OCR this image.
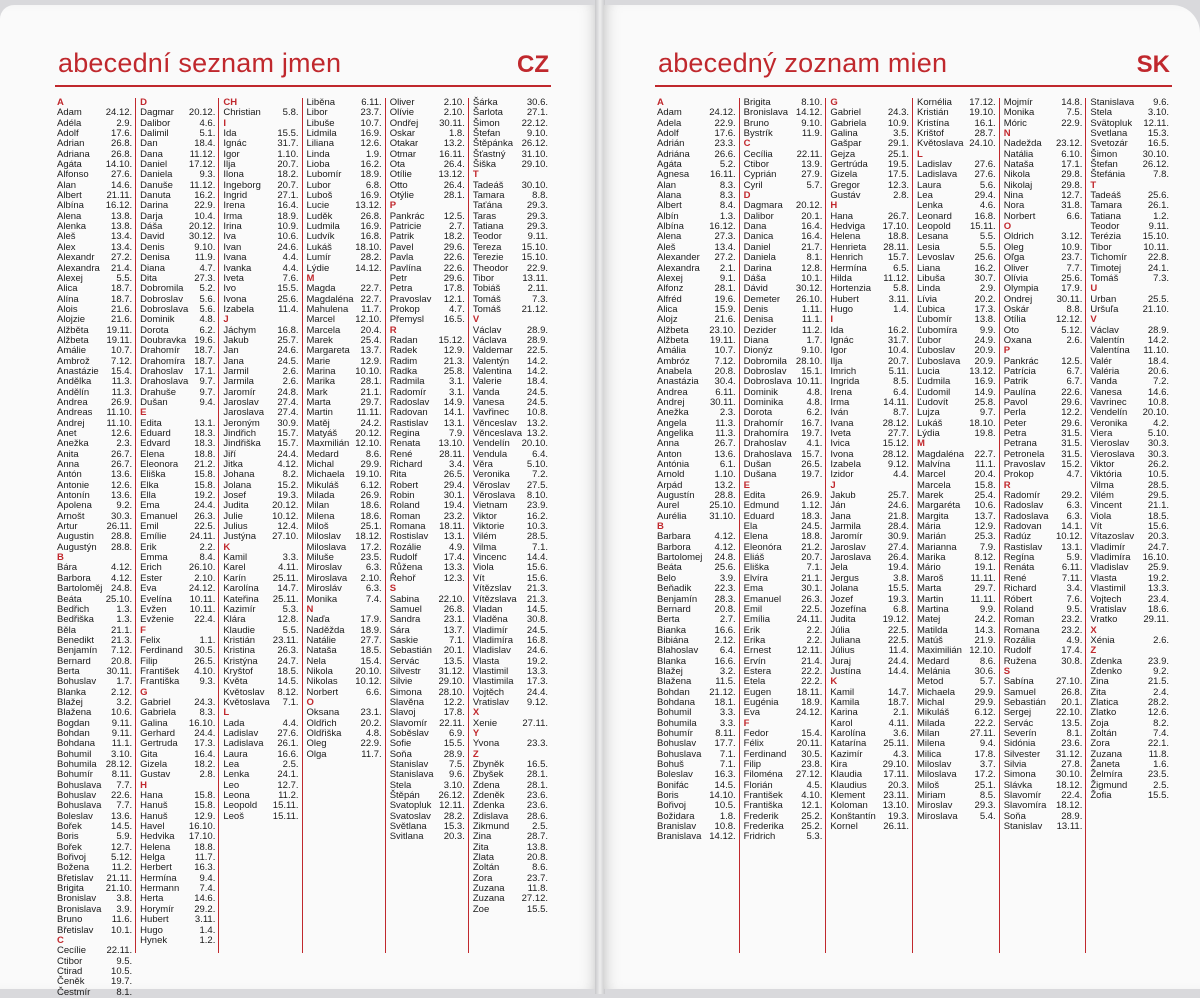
abecední seznam jmen	CZ
A
Adam	24.12.
Adéla	2.9.
Adolf	17.6.
Adrian	26.8.
Adriana 26.8.
Agáta	14.10.
Alfonso 27.6.
Alan	14.6.
Albert	21.11.
Albína 16.12.
Alena	13.8.
Alenka	13.8.
Aleš	13.4.
Alex	13.4.
Alexandr 27.2.
Alexandra 21.4.
Alexej	5.5.
Alica	18.7.
Alína	18.7.
Alois	21.6.
Alojzie	21.6.
Alžběta 19.11.
Alžbeta 19.11.
Amálie	10.7.
Ambrož 7.12.
Anastázie 15.4.
Andělka 11.3.
Andělín 11.3.
Andrea 26.9.
Andreas 11.10.
Andrej 11.10.
Anet	12.6.
Anežka	2.3.
Anita	26.7.
Anna	26.7.
Antón	13.6.
Antonie 12.6.
Antonín 13.6.
Apolena	9.2.
Arnošt	30.3.
Artur	26.11.
Augustin 28.8.
Augustýn 28.8.
B
Bára	4.12.
Barbora 4.12.
Bartoloměj 24.8.
Beáta	25.10.
Bedřich	1.3.
Bedřiška 1.3.
Běla	21.1.
Benedikt 21.3.
Benjamín 7.12.
Bernard 20.8.
Berta	30.11.
Bohuslav 1.7.
Blanka	2.12.
Blažej	3.2.
Blažena 10.6.
Bogdan 9.11.
Bohdan 9.11.
Bohdana 11.1.
Bohumil 3.10.
Bohumila 28.12.
Bohumír 8.11.
Bohuslava 7.7.
Bohuslav 22.6.
Bohuslava 7.7.
Boleslav 13.6.
Bořek	14.5.
Boris	5.9.
Bořek	12.7.
Bořivoj	5.12.
Božena 11.2.
Břetislav 21.11.
Brigita 21.10.
Bronislav 3.8.
Bronislava 3.9.
Bruno	11.6.
Břetislav 10.1.
C
Cecílie 22.11.
Ctibor	9.5.
Ctirad	10.5.
Čeněk	19.7.
Čestmír	8.1.
D
Dagmar 20.12.
Dalibor	4.6.
Dalimil	5.1.
Dan	18.4.
Dana	11.12.
Daniel 17.12.
Daniela	9.3.
Danuše 11.12.
Danuta 16.2.
Darina	22.9.
Darja	10.4.
Dáša	20.12.
David	30.12.
Denis	9.10.
Denisa	11.9.
Diana	4.7.
Dita	27.3.
Dobromila 5.2.
Dobroslav 5.6.
Dobroslava 5.6.
Dominik	4.8.
Dorota	6.2.
Doubravka 19.6.
Drahomír 18.7.
Drahomíra 18.7.
Drahoslav 17.1.
Drahoslava 9.7.
Drahuše 9.7.
Dušan	9.4.
E
Edita	13.1.
Eduard 18.3.
Edvard	18.3.
Elena	18.8.
Eleonora 21.2.
Eliška	15.8.
Elka	15.8.
Ella	19.2.
Ema	24.4.
Emanuel 26.3.
Emil	22.5.
Emílie 24.11.
Erik	2.2.
Emma	8.4.
Erich	26.10.
Ester	2.10.
Eva	24.12.
Evelína 10.11.
Evžen 10.11.
Evženie 22.4.
F
Felix	1.1.
Ferdinand 30.5.
Filip	26.5.
František 4.10.
Františka 9.3.
G
Gabriel 24.3.
Gabriela 8.3.
Galina 16.10.
Gerhard 24.4.
Gertruda 17.3.
Gita	16.4.
Gizela	18.2.
Gustav	2.8.
H
Hana	15.8.
Hanuš	15.8.
Hanuš	12.9.
Havel	16.10.
Hedvika 17.10.
Helena	18.8.
Helga	11.7.
Herbert 16.3.
Hermína 9.4.
Hermann 7.4.
Herta	14.6.
Horymír 29.2.
Hubert	3.11.
Hugo	1.4.
Hynek	1.2.
CH
Christian 5.8.
I
Ida	15.5.
Ignác	31.7.
Igor	1.10.
Ilja	20.7.
Ilona	18.2.
Ingeborg 20.7.
Ingrid	27.1.
Irena	16.4.
Irma	18.9.
Irina	10.9.
Iva	10.6.
Ivan	24.6.
Ivana	4.4.
Ivanka	4.4.
Iveta	7.6.
Ivo	15.5.
Ivona	25.6.
Izabela	11.4.
J
Jáchym 16.8.
Jakub	25.7.
Jan	24.6.
Jana	24.5.
Jarmil	2.6.
Jarmila	2.6.
Jaromír 24.8.
Jaroslav 27.4.
Jaroslava 27.4.
Jeroným 30.9.
Jindřich 15.7.
Jindřiška 15.7.
Jiří	24.4.
Jitka	4.12.
Johana	8.2.
Jolana	15.2.
Josef	19.3.
Judita 20.12.
Julie	10.12.
Julius	12.4.
Justýna 27.10.
K
Kamil	3.3.
Karel	4.11.
Karín	25.11.
Karolína 14.7.
Kateřina 25.11.
Kazimír	5.3.
Klára	12.8.
Klaudie	5.5.
Kristián 23.11.
Kristina 26.3.
Kristýna 24.7.
Kryštof	18.5.
Květa	14.5.
Květoslav 8.12.
Květoslava 7.1.
L
Lada	4.4.
Ladislav 27.6.
Ladislava 26.1.
Laura	16.6.
Lea	2.5.
Lenka	24.1.
Leo	12.7.
Leona	11.2.
Leopold 15.11.
Leoš	15.11.
Liběna	6.11.
Libor	23.7.
Libuše	10.7.
Lidmila	16.9.
Liliana	12.6.
Linda	1.9.
Lioba	16.2.
Lubomír 18.9.
Lubor	6.8.
Luboš	16.9.
Lucie	13.12.
Luděk	26.8.
Ludmila 16.9.
Ludvík	16.8.
Lukáš 18.10.
Lumír	28.2.
Lýdie	14.12.
M
Magda	22.7.
Magdaléna 22.7.
Mahulena 11.7.
Marcel 12.10.
Marcela 20.4.
Marek	25.4.
Margareta 13.7.
Marie	12.9.
Marina 10.10.
Marika	28.1.
Mark	21.1.
Marta	29.7.
Martin	11.11.
Matěj	24.2.
Matyáš 20.12.
Maxmilián 12.10.
Medard	8.6.
Michal	29.9.
Michaela 19.10.
Mikuláš 6.12.
Milada	26.9.
Milan	18.6.
Milena	18.6.
Miloš	25.1.
Miloslav 18.12.
Miloslava 17.2.
Miluše	23.5.
Miroslav	6.3.
Miroslava 2.10.
Mirosláv	6.3.
Monika	7.4.
N
Naďa	17.9.
Naděžda 18.9.
Natálie	27.7.
Nataša	18.5.
Nela	15.4.
Nikola 20.10.
Nikolas 10.12.
Norbert	6.6.
O
Oksana 23.1.
Oldřich	20.2.
Oldřiška	4.8.
Oleg	22.9.
Olga	11.7.
Oliver	2.10.
Olívie	2.10.
Ondřej 30.11.
Oskar	1.8.
Otakar	13.2.
Otmar 16.11.
Ota	26.4.
Otílie	13.12.
Otto	26.4.
Otýlie	28.1.
P
Pankrác 12.5.
Patricie	2.7.
Patrik	18.2.
Pavel	29.6.
Pavla	22.6.
Pavlína 22.6.
Petr	29.6.
Petra	17.8.
Pravoslav 12.1.
Prokop	4.7.
Přemysl 16.5.
R
Radan 15.12.
Radek	12.9.
Radim	21.3.
Radka	25.8.
Radmila	3.1.
Radomír 3.1.
Radoslav 14.9.
Radovan 14.1.
Rastislav 13.1.
Regina	7.9.
Renata 13.10.
René	28.11.
Richard	3.4.
Rita	26.5.
Robert	29.4.
Robin	30.1.
Roland	19.4.
Roman 23.2.
Romana 18.11.
Rostislav 13.1.
Rozálie	4.9.
Rudolf	17.4.
Růžena 13.3.
Řehoř	12.3.
S
Sabina 22.10.
Samuel 26.8.
Sandra 23.1.
Sára	13.7.
Saskie	7.1.
Sebastián 20.1.
Servác	13.5.
Silvestr 31.12.
Silvie	29.10.
Simona 28.10.
Slavěna 12.2.
Slavoj	17.8.
Slavomír 22.11.
Soběslav 6.9.
Sofie	15.5.
Soňa	28.9.
Stanislav 7.5.
Stanislava 9.6.
Stela	3.10.
Štěpán 26.12.
Svatopluk 12.11.
Svatoslav 28.2.
Světlana 15.3.
Svitlana 20.3.
Šárka	30.6.
Šarlota	27.1.
Šimon 22.12.
Štefan	9.10.
Štěpánka 26.12.
Šťastný 31.10.
Šiška	29.10.
T
Tadeáš 30.10.
Tamara	8.8.
Taťána	29.3.
Taras	29.3.
Tatiana 29.3.
Teodor	9.11.
Tereza 15.10.
Terezie 15.10.
Theodor 22.9.
Tibor	13.11.
Tobiáš	2.11.
Tomáš	7.3.
Tomáš 21.12.
V
Václav	28.9.
Václava 28.9.
Valdemar 22.5.
Valentýn 14.2.
Valentina 14.2.
Valerie	18.4.
Vanda	24.5.
Vanesa 24.5.
Vavřinec 10.8.
Věnceslav 13.2.
Věnceslava 13.2.
Vendelín 20.10.
Vendula	6.4.
Věra	5.10.
Veronika 7.2.
Věroslav 27.5.
Věroslava 8.10.
Vietnam 23.9.
Viktor	16.2.
Viktorie 10.3.
Vilém	28.5.
Vilma	7.1.
Vincenc 14.4.
Viola	15.6.
Vít	15.6.
Vítězslav 21.3.
Vítězslava 21.3.
Vladan	14.5.
Vladěna 30.8.
Vladimír 24.5.
Vladimíra 16.8.
Vladislav 24.6.
Vlasta	19.2.
Vlastimil 13.3.
Vlastimila 17.3.
Vojtěch 24.4.
Vratislav 9.12.
X
Xenie	27.11.
Y
Yvona	23.3.
Z
Zbyněk 16.5.
Zbyšek 28.1.
Zdena	28.1.
Zdeněk 23.6.
Zdenka 23.6.
Zdislava 28.6.
Zikmund 2.5.
Zina	28.7.
Zita	13.8.
Zlata	20.8.
Zoltán	8.6.
Zora	23.7.
Zuzana 11.8.
Zuzana 27.12.
Zoe	15.5.
abecedný zoznam mien	SK
A
Adam	24.12.
Adela	22.9.
Adolf	17.6.
Adrián	23.3.
Adriána	26.6.
Agáta	5.2.
Agnesa 16.11.
Alan	8.3.
Alana	8.3.
Albert	8.4.
Albín	1.3.
Albína	16.12.
Alena	27.3.
Aleš	13.4.
Alexander 27.2.
Alexandra 2.1.
Alexej	9.1.
Alfonz	28.1.
Alfréd	19.6.
Alica	15.9.
Alojz	21.6.
Alžbeta 23.10.
Alžbeta 19.11.
Amália	10.7.
Ambróz	7.12.
Anabela 20.8.
Anastázia 30.4.
Andrea	6.11.
Andrej	30.11.
Anežka	2.3.
Angela	11.3.
Angelika 11.3.
Anna	26.7.
Anton	13.6.
Antónia	6.1.
Arnold	1.10.
Arpád	13.2.
Augustín 28.8.
Aurel	25.10.
Aurélia 31.10.
B
Barbara 4.12.
Barbora 4.12.
Bartolomej 24.8.
Beáta	25.6.
Belo	3.9.
Beňadik 22.3.
Benjamín 28.3.
Bernard 20.8.
Berta	2.7.
Bianka	16.6.
Bibiána	2.12.
Blahoslav 6.4.
Blanka	16.6.
Blažej	3.2.
Blažena	11.5.
Bohdan 21.12.
Bohdana 18.1.
Bohumil	3.3.
Bohumila 3.3.
Bohumír 8.11.
Bohuslav 17.7.
Bohuslava 7.1.
Bohuš	7.1.
Boleslav 16.3.
Bonifác	14.5.
Boris	14.10.
Bořivoj	10.5.
Božidara	1.8.
Branislav 10.8.
Branislava 14.12.
Brigita	8.10.
Bronislava 14.12.
Bruno	9.10.
Bystrík	11.9.
C
Cecília	22.11.
Ctibor	13.9.
Cyprián	27.9.
Cyril	5.7.
D
Dagmara 20.12.
Dalibor	20.1.
Dana	16.4.
Danica	16.4.
Daniel	21.7.
Daniela	8.1.
Darina	12.8.
Dáša	10.1.
Dávid	30.12.
Demeter 26.10.
Denis	1.11.
Denisa	11.1.
Dezider	11.2.
Diana	1.7.
Dionýz	9.10.
Dobromila 28.10.
Dobroslav 15.1.
Dobroslava 10.11.
Dominik	4.8.
Dominika 4.8.
Dorota	6.2.
Drahomír 16.7.
Drahomíra 19.7.
Drahoslav 4.1.
Drahoslava 15.7.
Dušan	26.5.
Dušana	19.7.
E
Edita	26.9.
Edmund 1.12.
Eduard	18.3.
Ela	24.5.
Elena	18.8.
Eleonóra 21.2.
Eliáš	20.7.
Eliška	7.1.
Elvíra	21.1.
Ema	30.1.
Emanuel 26.3.
Emil	22.5.
Emília	24.11.
Erik	2.2.
Erika	2.2.
Ernest	12.11.
Ervín	21.4.
Estera	22.2.
Etela	22.2.
Eugen	18.11.
Eugénia 18.9.
Eva	24.12.
F
Fedor	15.4.
Félix	20.11.
Ferdinand 30.5.
Filip	23.8.
Filoména 27.12.
Florián	4.5.
František 4.10.
Františka 12.1.
Frederik 25.2.
Frederika 25.2.
Fridrich	5.3.
G
Gabriel	24.3.
Gabriela 10.9.
Galina	3.5.
Gašpar	29.1.
Gejza	25.1.
Gertrúda 19.5.
Gizela	17.5.
Gregor	12.3.
Gustáv	2.8.
H
Hana	26.7.
Hedviga 17.10.
Helena	18.8.
Henrieta 28.11.
Henrich	15.7.
Hermína	6.5.
Hilda	11.12.
Hortenzia 5.8.
Hubert	3.11.
Hugo	1.4.
I
Ida	16.2.
Ignác	31.7.
Igor	10.4.
Ilja	20.7.
Imrich	5.11.
Ingrida	8.5.
Irena	6.4.
Irma	14.11.
Iván	8.7.
Ivana	28.12.
Iveta	27.7.
Ivica	15.12.
Ivona	28.12.
Izabela	9.12.
Izidor	4.4.
J
Jakub	25.7.
Ján	24.6.
Jana	21.8.
Jarmila	28.4.
Jaromír	30.9.
Jaroslav 27.4.
Jaroslava 26.4.
Jela	19.4.
Jergus	3.8.
Jolana	15.5.
Jozef	19.3.
Jozefína	6.8.
Judita	19.12.
Júlia	22.5.
Juliana	22.5.
Július	11.4.
Juraj	24.4.
Justína	14.4.
K
Kamil	14.7.
Kamila	18.7.
Karina	2.1.
Karol	4.11.
Karolína	3.6.
Katarína 25.11.
Kazimír	4.3.
Kira	29.10.
Klaudia 17.11.
Klaudius 20.3.
Klement 23.11.
Koloman 13.10.
Konštantín 19.3.
Kornel	26.11.
Kornélia 17.12.
Kristián 19.10.
Kristína	16.1.
Krištof	28.7.
Květoslava 24.10.
L
Ladislav 27.6.
Ladislava 27.6.
Laura	5.6.
Lea	29.4.
Lenka	4.6.
Leonard 16.8.
Leopold 15.11.
Lesana	5.5.
Lesia	5.5.
Levoslav 25.6.
Liana	16.2.
Libuša	30.7.
Linda	2.9.
Lívia	20.2.
Ľubica	17.3.
Ľubomír 13.8.
Ľubomíra 9.9.
Ľubor	24.9.
Ľuboslav 20.9.
Ľuboslava 20.9.
Lucia	13.12.
Ľudmila	16.9.
Ľudomil	14.9.
Ľudovít	25.8.
Lujza	9.7.
Lukáš	18.10.
Lýdia	19.8.
M
Magdaléna 22.7.
Malvína	11.1.
Marcel	20.4.
Marcela 15.8.
Marek	25.4.
Margaréta 10.6.
Margita	13.7.
Mária	12.9.
Marián	25.3.
Marianna 7.9.
Marika	8.12.
Mário	19.1.
Maroš	11.11.
Marta	29.7.
Martin	11.11.
Martina	9.9.
Matej	24.2.
Matilda	14.3.
Matúš	21.9.
Maximilián 12.10.
Medard	8.6.
Melánia	30.6.
Metod	5.7.
Michaela 29.9.
Michal	29.9.
Mikuláš	6.12.
Milada	22.2.
Milan	27.11.
Milena	9.4.
Milica	17.8.
Miloslav	3.7.
Miloslava 17.2.
Miloš	25.1.
Miriam	8.5.
Miroslav 29.3.
Miroslava 5.4.
Mojmír	14.8.
Monika	7.5.
Móric	22.9.
N
Nadežda 23.12.
Natália	6.10.
Nataša	17.1.
Nikola	29.8.
Nikolaj	29.8.
Nina	12.7.
Nora	31.8.
Norbert	6.6.
O
Oldrich	3.12.
Oleg	10.9.
Oľga	23.7.
Oliver	7.7.
Olívia	25.6.
Olympia 17.9.
Ondrej	30.11.
Oskár	8.8.
Otília	12.12.
Oto	5.12.
Oxana	2.6.
P
Pankrác 12.5.
Patrícia	6.7.
Patrik	6.7.
Paulína	22.6.
Pavol	29.6.
Perla	12.2.
Peter	29.6.
Petra	31.5.
Petrana	31.5.
Petronela 31.5.
Pravoslav 15.2.
Prokop	4.7.
R
Radomír 29.2.
Radoslav 6.3.
Radoslava 6.3.
Radovan 14.1.
Radúz	10.12.
Rastislav 13.1.
Regína	5.9.
Renáta	6.11.
René	7.11.
Richard	3.4.
Róbert	7.6.
Roland	9.5.
Roman	23.2.
Romana 23.2.
Rozália	4.9.
Rudolf	17.4.
Ružena	30.8.
S
Sabína 27.10.
Samuel	26.8.
Sebastián 20.1.
Sergej	22.10.
Servác	13.5.
Severín	8.1.
Sidónia	23.6.
Silvester 31.12.
Silvia	27.8.
Simona 30.10.
Slávka 18.12.
Slavomír 22.4.
Slavomíra 18.12.
Soňa	28.9.
Stanislav 13.11.
Stanislava 9.6.
Stela	3.10.
Svätopluk 12.11.
Svetlana 15.3.
Svetozár 16.5.
Šimon	30.10.
Štefan	26.12.
Štefánia	7.8.
T
Tadeáš	25.6.
Tamara	26.1.
Tatiana	1.2.
Teodor	9.11.
Terézia 15.10.
Tibor	10.11.
Tichomír 22.8.
Timotej	24.1.
Tomáš	7.3.
U
Urban	25.5.
Uršuľa	21.10.
V
Václav	28.9.
Valentín 14.2.
Valentína 11.10.
Valér	18.4.
Valéria	20.6.
Vanda	7.2.
Vanesa	14.6.
Vavrinec 10.8.
Vendelín 20.10.
Veronika	4.2.
Viera	5.10.
Vieroslav 30.3.
Vieroslava 30.3.
Viktor	26.2.
Viktória	10.5.
Vilma	28.5.
Vilém	29.5.
Vincent	21.1.
Viola	18.5.
Vít	15.6.
Vítazoslav 20.3.
Vladimír 24.7.
Vladimíra 16.10.
Vladislav 25.9.
Vlasta	19.2.
Vlastimil 13.3.
Vojtech	23.4.
Vratislav 18.6.
Vratko	29.11.
X
Xénia	2.6.
Z
Zdenka	23.9.
Zdenko	9.2.
Zina	21.5.
Zita	2.4.
Zlatica	28.2.
Zlatko	12.6.
Zoja	8.2.
Zoltán	7.4.
Zora	22.1.
Zuzana	11.8.
Žaneta	1.6.
Želmíra	23.5.
Žigmund	2.5.
Žofia	15.5.
